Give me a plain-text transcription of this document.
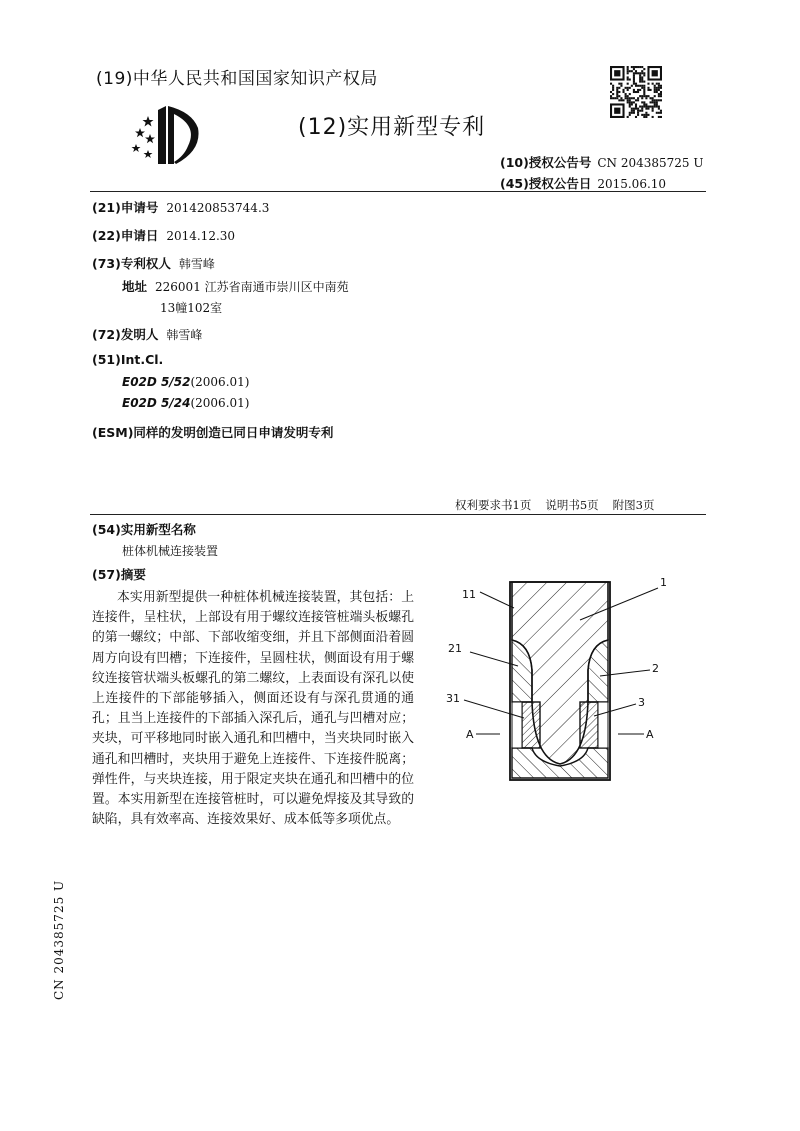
(19)中华人民共和国国家知识产权局
(12)实用新型专利
(10)授权公告号 CN 204385725 U
(45)授权公告日 2015.06.10
(21)申请号 201420853744.3
(22)申请日 2014.12.30
(73)专利权人 韩雪峰
地址 226001 江苏省南通市崇川区中南苑
13幢102室
(72)发明人 韩雪峰
(51)Int.Cl.
E02D 5/52(2006.01)
E02D 5/24(2006.01)
(ESM)同样的发明创造已同日申请发明专利
权利要求书1页 说明书5页 附图3页
(54)实用新型名称
桩体机械连接装置
(57)摘要
本实用新型提供一种桩体机械连接装置，其包括：上连接件，呈柱状，上部设有用于螺纹连接管桩端头板螺孔的第一螺纹；中部、下部收缩变细，并且下部侧面沿着圆周方向设有凹槽；下连接件，呈圆柱状，侧面设有用于螺纹连接管状端头板螺孔的第二螺纹，上表面设有深孔以使上连接件的下部能够插入，侧面还设有与深孔贯通的通孔；且当上连接件的下部插入深孔后，通孔与凹槽对应；夹块，可平移地同时嵌入通孔和凹槽中，当夹块同时嵌入通孔和凹槽时，夹块用于避免上连接件、下连接件脱离；弹性件，与夹块连接，用于限定夹块在通孔和凹槽中的位置。本实用新型在连接管桩时，可以避免焊接及其导致的缺陷，具有效率高、连接效果好、成本低等多项优点。
11
1
21
2
31	3
A	A
CN 204385725 U
